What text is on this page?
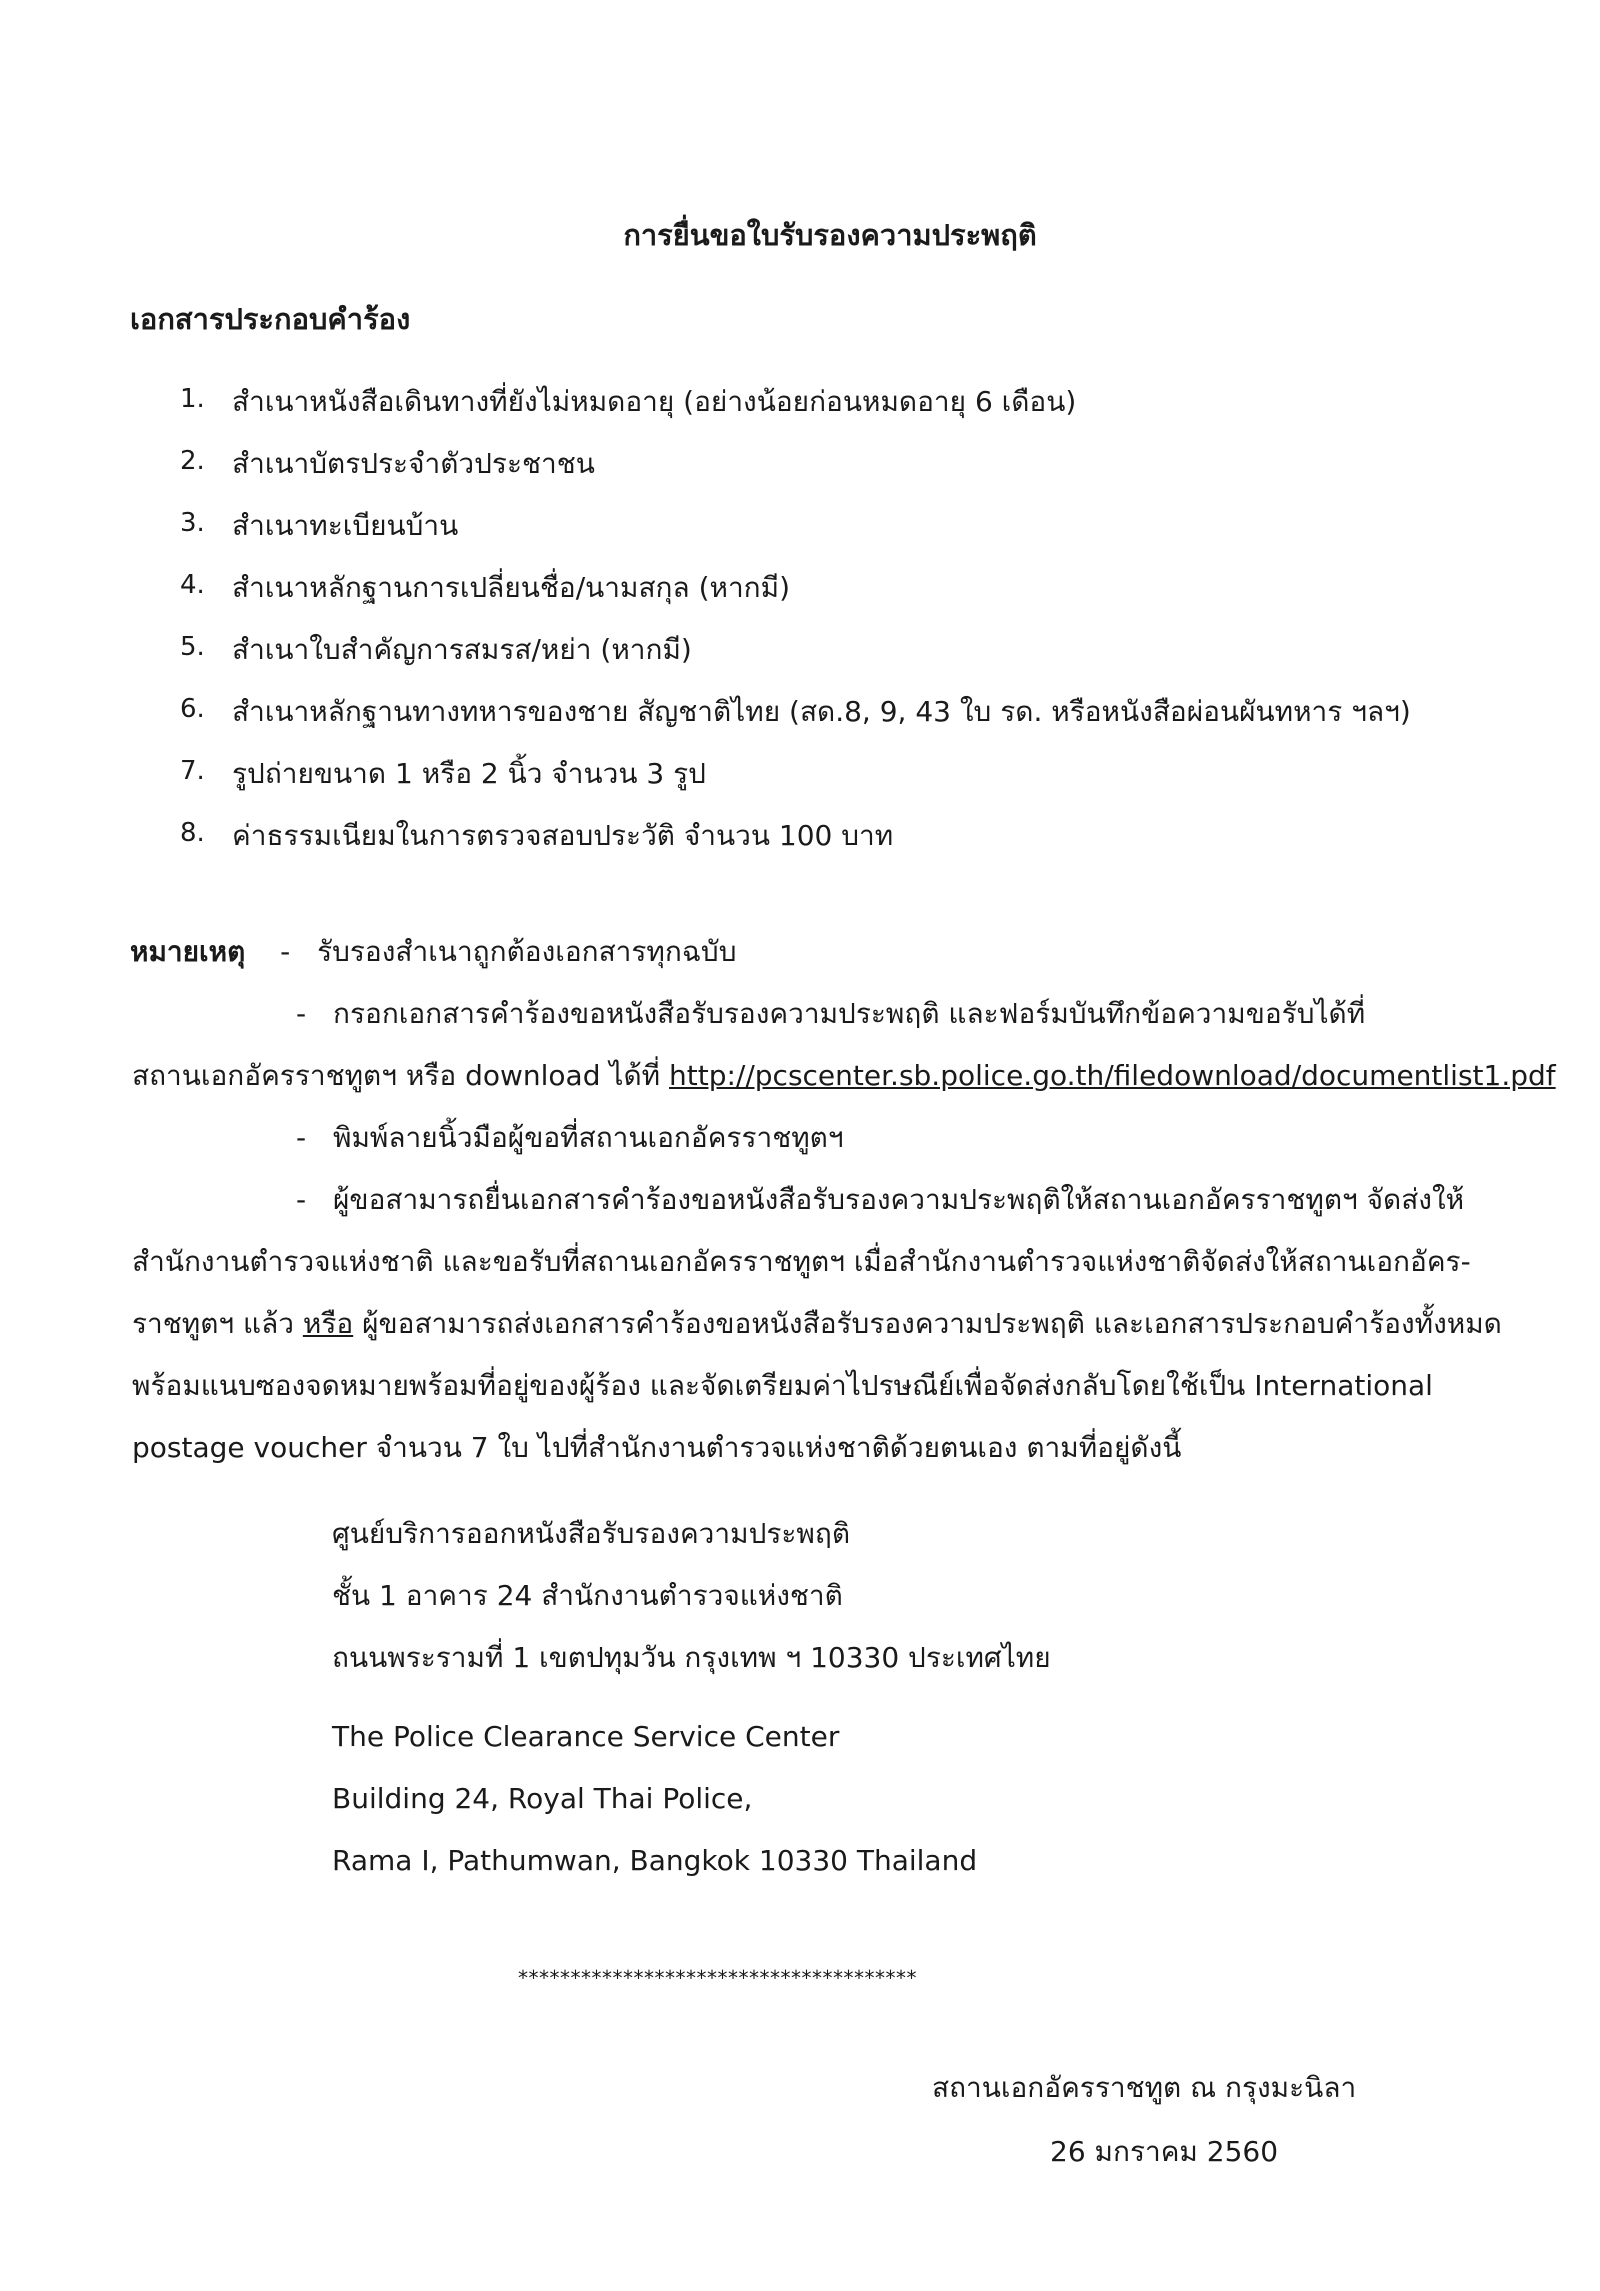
การยื่นขอใบรับรองความประพฤติ
เอกสารประกอบคำร้อง
1. สำเนาหนังสือเดินทางที่ยังไม่หมดอายุ (อย่างน้อยก่อนหมดอายุ 6 เดือน)
2. สำเนาบัตรประจำตัวประชาชน
3. สำเนาทะเบียนบ้าน
4. สำเนาหลักฐานการเปลี่ยนชื่อ/นามสกุล (หากมี)
5. สำเนาใบสำคัญการสมรส/หย่า (หากมี)
6. สำเนาหลักฐานทางทหารของชาย สัญชาติไทย (สด.8, 9, 43 ใบ รด. หรือหนังสือผ่อนผันทหาร ฯลฯ)
7. รูปถ่ายขนาด 1 หรือ 2 นิ้ว จำนวน 3 รูป
8. ค่าธรรมเนียมในการตรวจสอบประวัติ จำนวน 100 บาท
หมายเหตุ - รับรองสำเนาถูกต้องเอกสารทุกฉบับ
- กรอกเอกสารคำร้องขอหนังสือรับรองความประพฤติ และฟอร์มบันทึกข้อความขอรับได้ที่
สถานเอกอัครราชทูตฯ หรือ download ได้ที่ http://pcscenter.sb.police.go.th/filedownload/documentlist1.pdf
- พิมพ์ลายนิ้วมือผู้ขอที่สถานเอกอัครราชทูตฯ
- ผู้ขอสามารถยื่นเอกสารคำร้องขอหนังสือรับรองความประพฤติให้สถานเอกอัครราชทูตฯ จัดส่งให้
สำนักงานตำรวจแห่งชาติ และขอรับที่สถานเอกอัครราชทูตฯ เมื่อสำนักงานตำรวจแห่งชาติจัดส่งให้สถานเอกอัคร-
ราชทูตฯ แล้ว หรือ ผู้ขอสามารถส่งเอกสารคำร้องขอหนังสือรับรองความประพฤติ และเอกสารประกอบคำร้องทั้งหมด
พร้อมแนบซองจดหมายพร้อมที่อยู่ของผู้ร้อง และจัดเตรียมค่าไปรษณีย์เพื่อจัดส่งกลับโดยใช้เป็น International
postage voucher จำนวน 7 ใบ ไปที่สำนักงานตำรวจแห่งชาติด้วยตนเอง ตามที่อยู่ดังนี้
ศูนย์บริการออกหนังสือรับรองความประพฤติ
ชั้น 1 อาคาร 24 สำนักงานตำรวจแห่งชาติ
ถนนพระรามที่ 1 เขตปทุมวัน กรุงเทพ ฯ 10330 ประเทศไทย
The Police Clearance Service Center
Building 24, Royal Thai Police,
Rama I, Pathumwan, Bangkok 10330 Thailand
**************************************
สถานเอกอัครราชทูต ณ กรุงมะนิลา
26 มกราคม 2560
